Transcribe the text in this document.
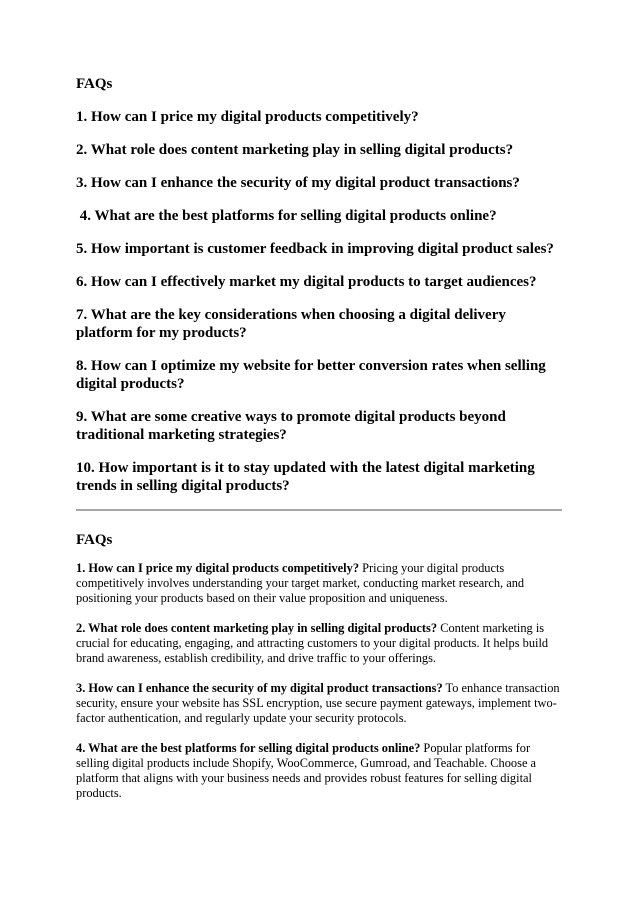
FAQs
1. How can I price my digital products competitively?
2. What role does content marketing play in selling digital products?
3. How can I enhance the security of my digital product transactions?
4. What are the best platforms for selling digital products online?
5. How important is customer feedback in improving digital product sales?
6. How can I effectively market my digital products to target audiences?
7. What are the key considerations when choosing a digital delivery platform for my products?
8. How can I optimize my website for better conversion rates when selling digital products?
9. What are some creative ways to promote digital products beyond traditional marketing strategies?
10. How important is it to stay updated with the latest digital marketing trends in selling digital products?
FAQs
1. How can I price my digital products competitively? Pricing your digital products competitively involves understanding your target market, conducting market research, and positioning your products based on their value proposition and uniqueness.
2. What role does content marketing play in selling digital products? Content marketing is crucial for educating, engaging, and attracting customers to your digital products. It helps build brand awareness, establish credibility, and drive traffic to your offerings.
3. How can I enhance the security of my digital product transactions? To enhance transaction security, ensure your website has SSL encryption, use secure payment gateways, implement two-factor authentication, and regularly update your security protocols.
4. What are the best platforms for selling digital products online? Popular platforms for selling digital products include Shopify, WooCommerce, Gumroad, and Teachable. Choose a platform that aligns with your business needs and provides robust features for selling digital products.
